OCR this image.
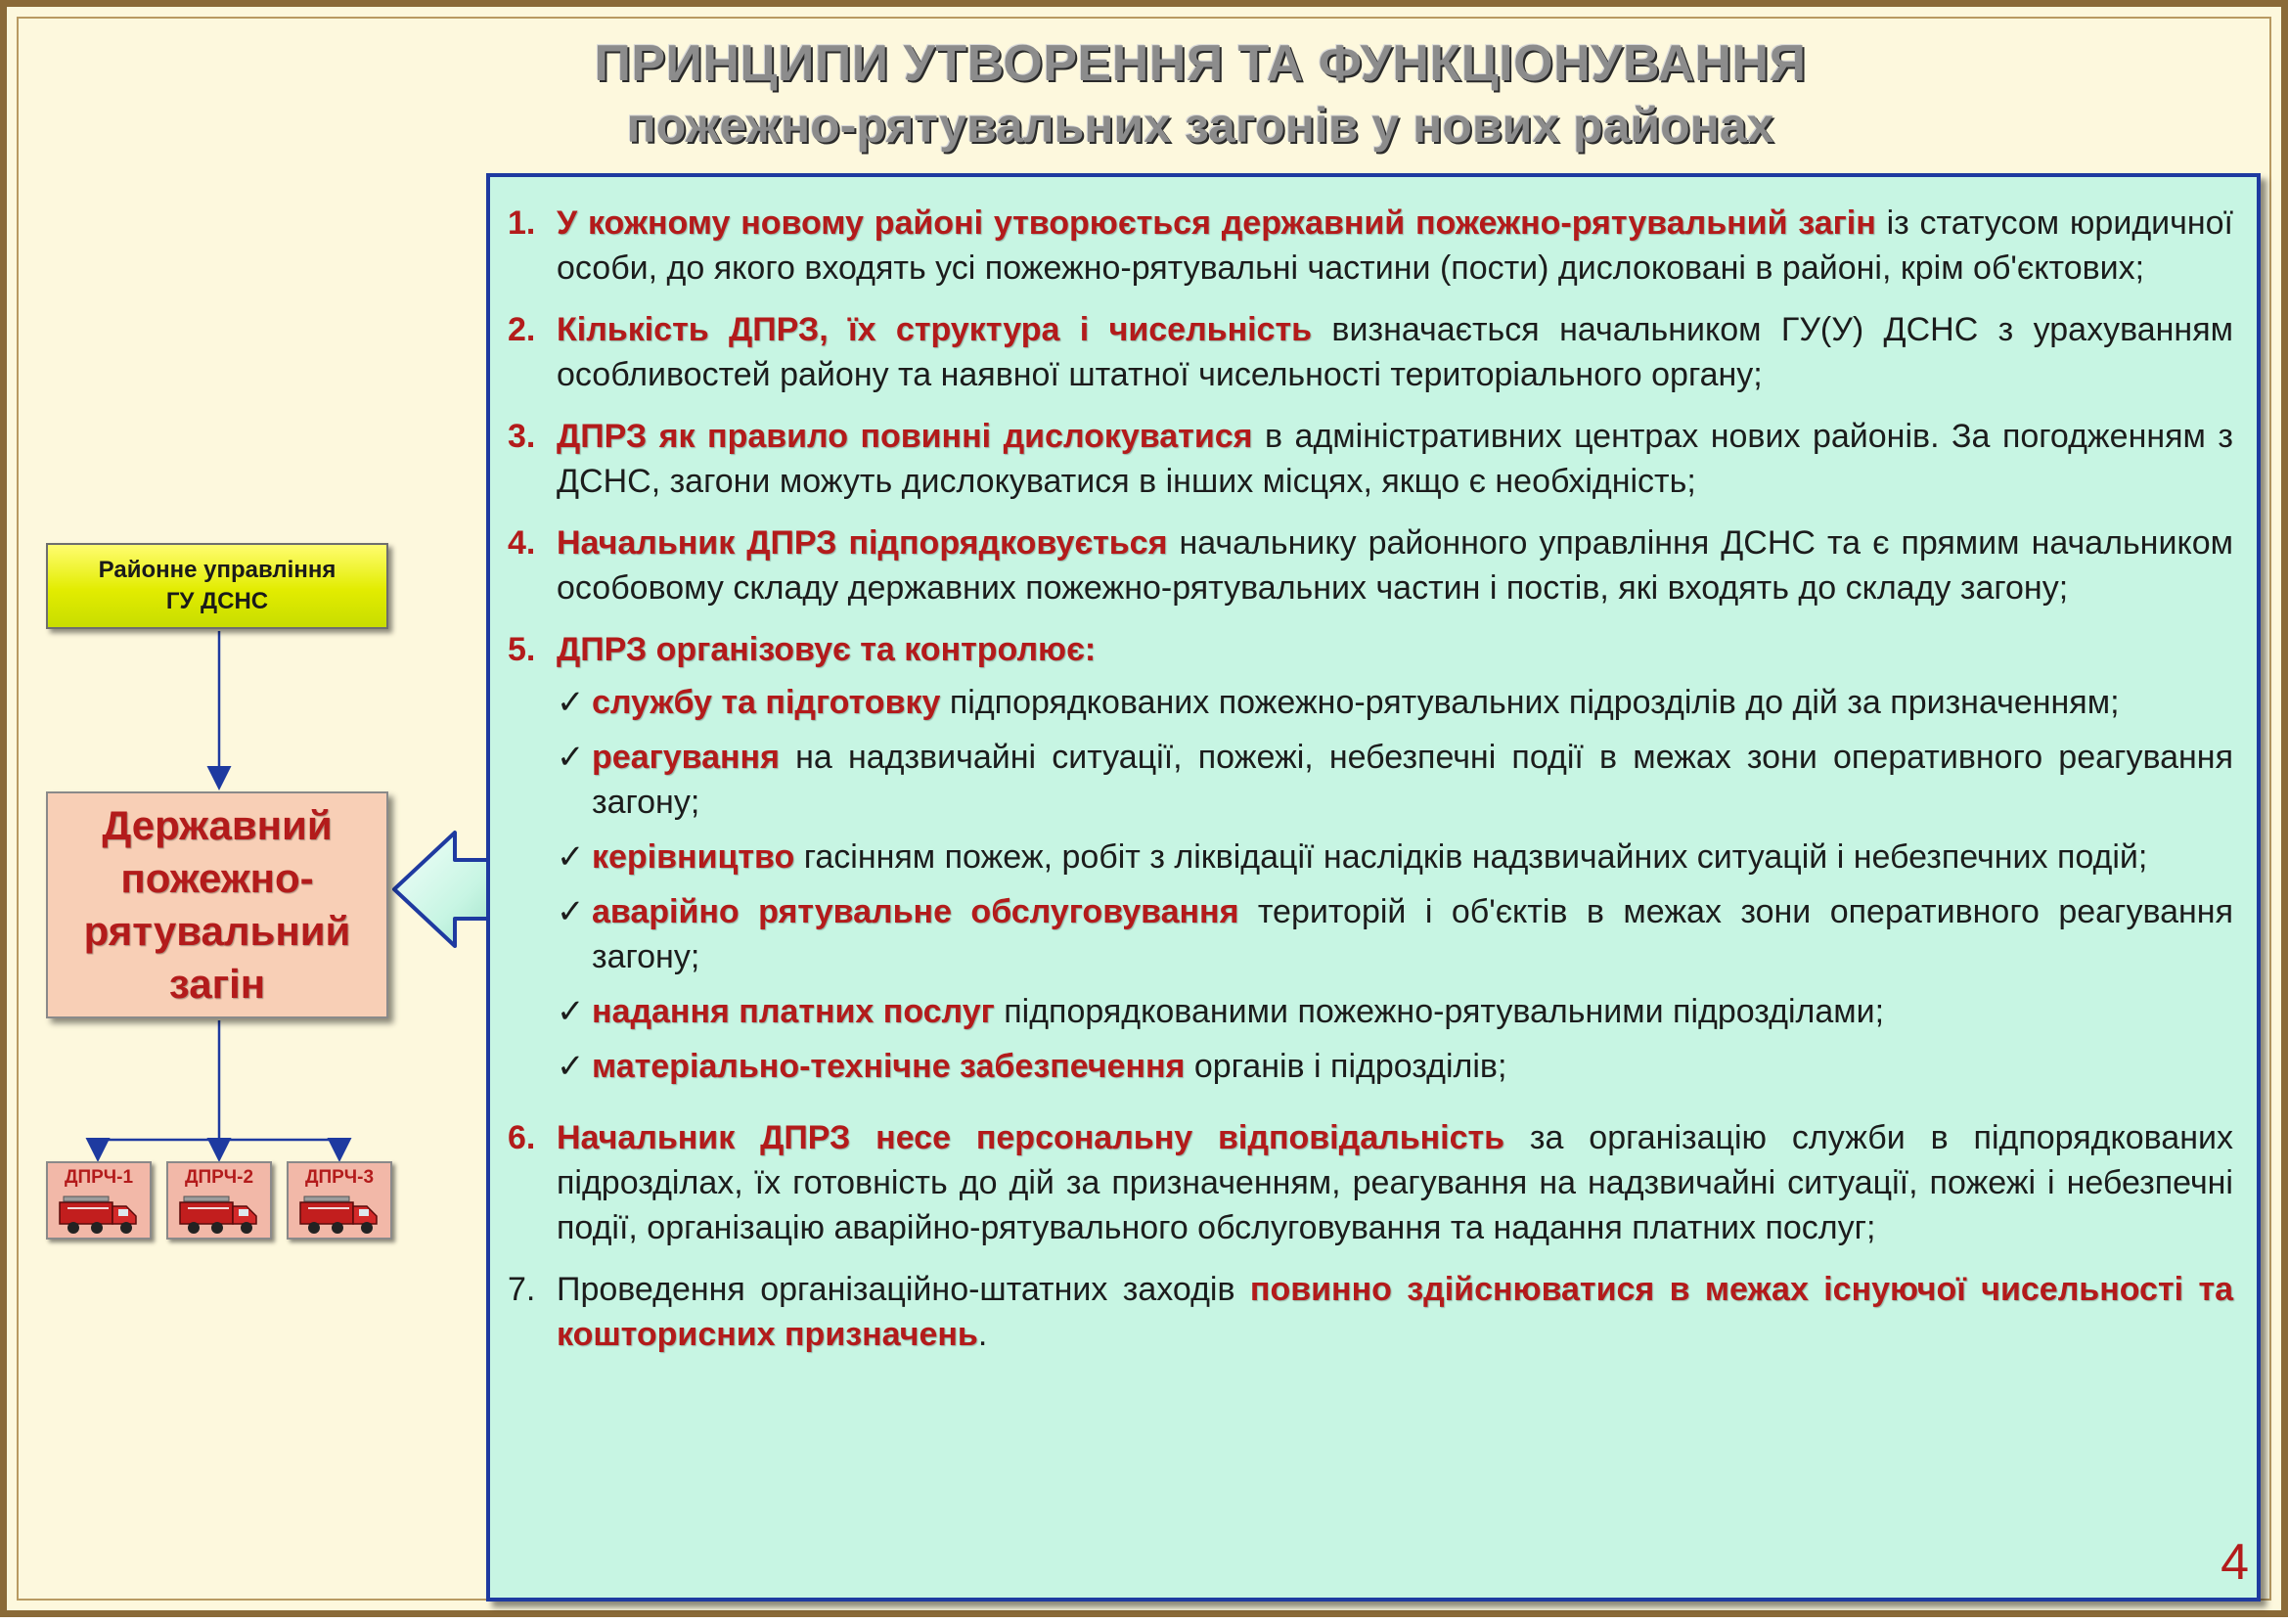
ПРИНЦИПИ УТВОРЕННЯ ТА ФУНКЦІОНУВАННЯ
пожежно-рятувальних загонів у нових районах
Районне управління
ГУ ДСНС
Державний
пожежно-
рятувальний
загін
ДПРЧ-1	ДПРЧ-2	ДПРЧ-3
1. У кожному новому районі утворюється державний пожежно-рятувальний загін із статусом юридичної особи, до якого входять усі пожежно-рятувальні частини (пости) дислоковані в районі, крім об'єктових;
2. Кількість ДПРЗ, їх структура і чисельність визначається начальником ГУ(У) ДСНС з урахуванням особливостей району та наявної штатної чисельності територіального органу;
3. ДПРЗ як правило повинні дислокуватися в адміністративних центрах нових районів. За погодженням з ДСНС, загони можуть дислокуватися в інших місцях, якщо є необхідність;
4. Начальник ДПРЗ підпорядковується начальнику районного управління ДСНС та є прямим начальником особовому складу державних пожежно-рятувальних частин і постів, які входять до складу загону;
5. ДПРЗ організовує та контролює:
✓ службу та підготовку підпорядкованих пожежно-рятувальних підрозділів до дій за призначенням;
✓ реагування на надзвичайні ситуації, пожежі, небезпечні події в межах зони оперативного реагування загону;
✓ керівництво гасінням пожеж, робіт з ліквідації наслідків надзвичайних ситуацій і небезпечних подій;
✓ аварійно рятувальне обслуговування територій і об'єктів в межах зони оперативного реагування загону;
✓ надання платних послуг підпорядкованими пожежно-рятувальними підрозділами;
✓ матеріально-технічне забезпечення органів і підрозділів;
6. Начальник ДПРЗ несе персональну відповідальність за організацію служби в підпорядкованих підрозділах, їх готовність до дій за призначенням, реагування на надзвичайні ситуації, пожежі і небезпечні події, організацію аварійно-рятувального обслуговування та надання платних послуг;
7. Проведення організаційно-штатних заходів повинно здійснюватися в межах існуючої чисельності та кошторисних призначень.
4
